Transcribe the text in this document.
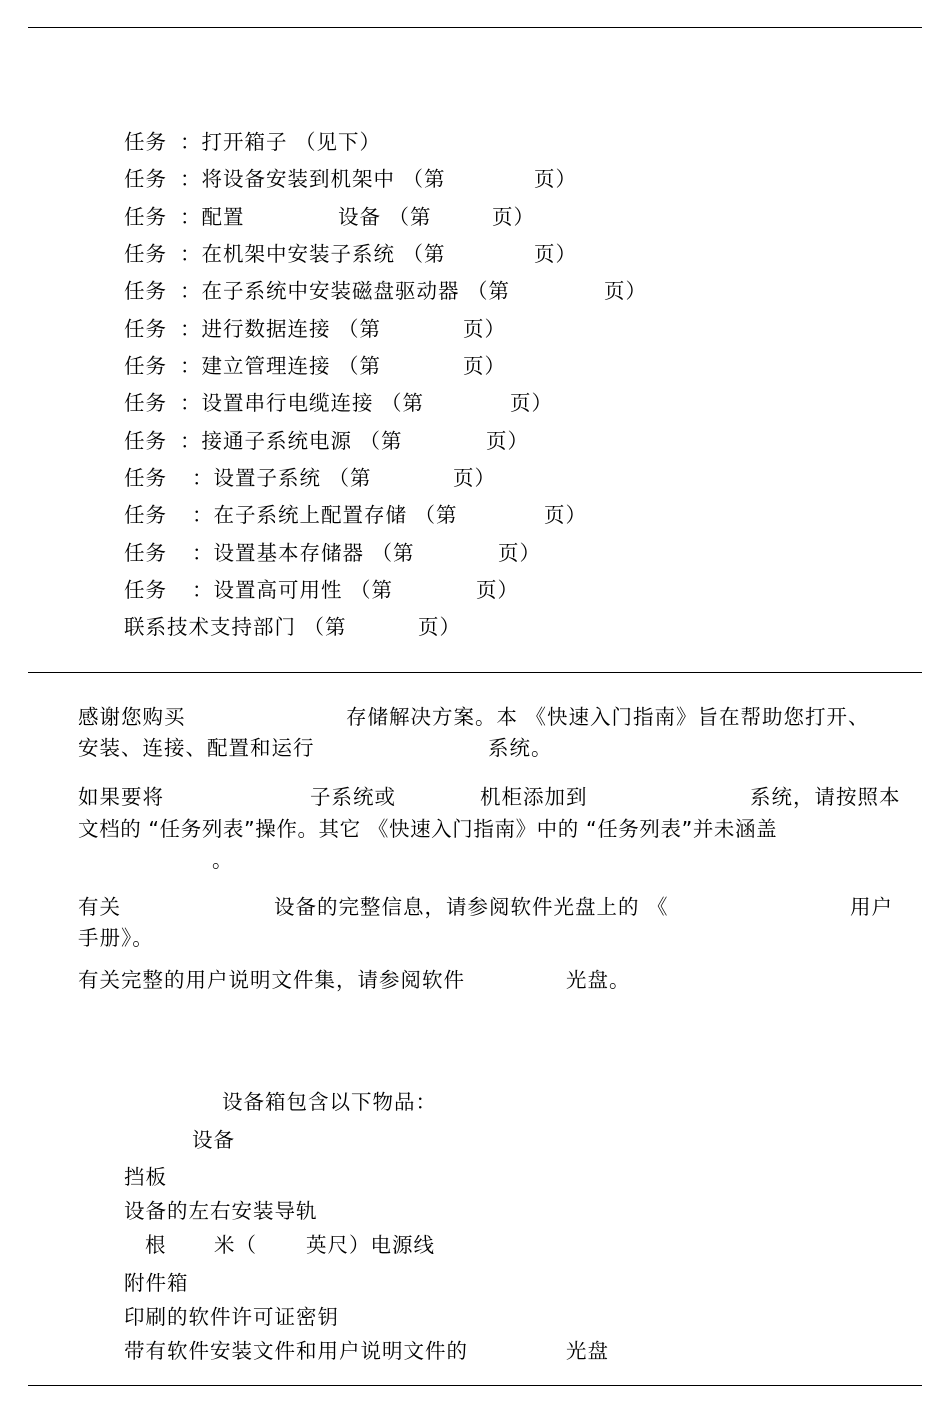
任务 ：打开箱子 （见下）
任务 ：将设备安装到机架中 （第	页）
任务 ：配置	设备 （第	页）
任务 ：在机架中安装子系统 （第	页）
任务 ：在子系统中安装磁盘驱动器 （第	页）
任务 ：进行数据连接 （第	页）
任务 ：建立管理连接 （第	页）
任务 ：设置串行电缆连接 （第	页）
任务 ：接通子系统电源 （第	页）
任务 ：设置子系统 （第	页）
任务 ：在子系统上配置存储 （第	页）
任务 ：设置基本存储器 （第	页）
任务 ：设置高可用性 （第	页）
联系技术支持部门 （第	页）
感谢您购买	存储解决方案。本 《快速入门指南》旨在帮助您打开、
安装、连接、配置和运行	系统。
如果要将	子系统或	机柜添加到	系统，请按照本
文档的 “任务列表”操作。其它 《快速入门指南》中的 “任务列表”并未涵盖
。
有关	设备的完整信息，请参阅软件光盘上的 《	用户
手册》。
有关完整的用户说明文件集，请参阅软件	光盘。
设备箱包含以下物品：
设备
挡板
设备的左右安装导轨
根 米（ 英尺）电源线
附件箱
印刷的软件许可证密钥
带有软件安装文件和用户说明文件的	光盘
